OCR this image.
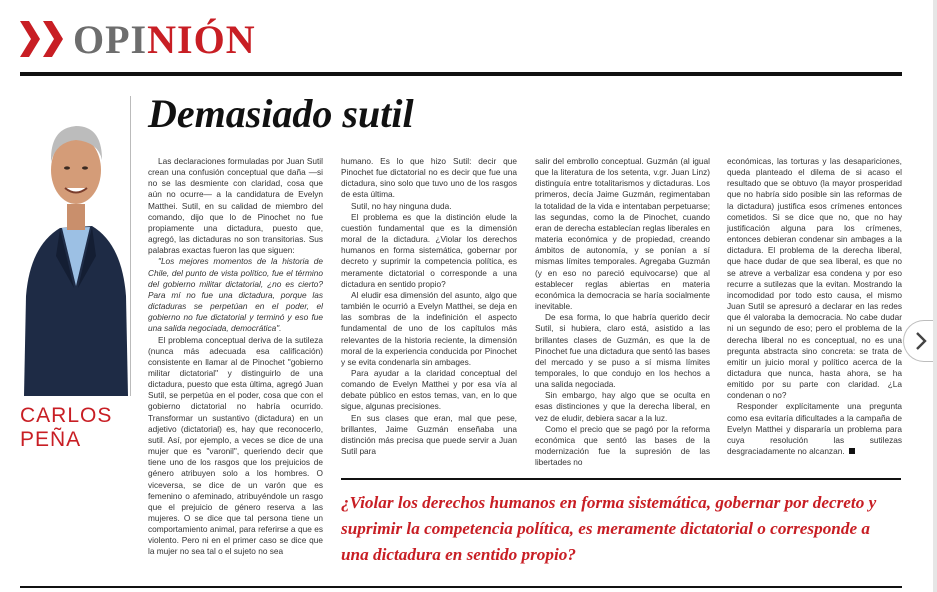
OPINIÓN
CARLOS
PEÑA
Demasiado sutil

Las declaraciones formuladas por Juan Sutil crean una confusión conceptual que daña —si no se las desmiente con claridad, cosa que aún no ocurre— a la candidatura de Evelyn Matthei. Sutil, en su calidad de miembro del comando, dijo que lo de Pinochet no fue propiamente una dictadura, puesto que, agregó, las dictaduras no son transitorias. Sus palabras exactas fueron las que siguen:

"Los mejores momentos de la historia de Chile, del punto de vista político, fue el término del gobierno militar dictatorial, ¿no es cierto? Para mí no fue una dictadura, porque las dictaduras se perpetúan en el poder, el gobierno no fue dictatorial y terminó y eso fue una salida negociada, democrática".

El problema conceptual deriva de la sutileza (nunca más adecuada esa calificación) consistente en llamar al de Pinochet "gobierno militar dictatorial" y distinguirlo de una dictadura, puesto que esta última, agregó Juan Sutil, se perpetúa en el poder, cosa que con el gobierno dictatorial no habría ocurrido. Transformar un sustantivo (dictadura) en un adjetivo (dictatorial) es, hay que reconocerlo, sutil. Así, por ejemplo, a veces se dice de una mujer que es "varonil", queriendo decir que tiene uno de los rasgos que los prejuicios de género atribuyen solo a los hombres. O viceversa, se dice de un varón que es femenino o afeminado, atribuyéndole un rasgo que el prejuicio de género reserva a las mujeres. O se dice que tal persona tiene un comportamiento animal, para referirse a que es violento. Pero ni en el primer caso se dice que la mujer no sea tal o el sujeto no sea

humano. Es lo que hizo Sutil: decir que Pinochet fue dictatorial no es decir que fue una dictadura, sino solo que tuvo uno de los rasgos de esta última.

Sutil, no hay ninguna duda.

El problema es que la distinción elude la cuestión fundamental que es la dimensión moral de la dictadura. ¿Violar los derechos humanos en forma sistemática, gobernar por decreto y suprimir la competencia política, es meramente dictatorial o corresponde a una dictadura en sentido propio?

Al eludir esa dimensión del asunto, algo que también le ocurrió a Evelyn Matthei, se deja en las sombras de la indefinición el aspecto fundamental de uno de los capítulos más relevantes de la historia reciente, la dimensión moral de la experiencia conducida por Pinochet y se evita condenarla sin ambages.

Para ayudar a la claridad conceptual del comando de Evelyn Matthei y por esa vía al debate público en estos temas, van, en lo que sigue, algunas precisiones.

En sus clases que eran, mal que pese, brillantes, Jaime Guzmán enseñaba una distinción más precisa que puede servir a Juan Sutil para

salir del embrollo conceptual. Guzmán (al igual que la literatura de los setenta, v.gr. Juan Linz) distinguía entre totalitarismos y dictaduras. Los primeros, decía Jaime Guzmán, regimentaban la totalidad de la vida e intentaban perpetuarse; las segundas, como la de Pinochet, cuando eran de derecha establecían reglas liberales en materia económica y de propiedad, creando ámbitos de autonomía, y se ponían a sí mismas límites temporales. Agregaba Guzmán (y en eso no pareció equivocarse) que al establecer reglas abiertas en materia económica la democracia se haría socialmente inevitable.

De esa forma, lo que habría querido decir Sutil, si hubiera, claro está, asistido a las brillantes clases de Guzmán, es que la de Pinochet fue una dictadura que sentó las bases del mercado y se puso a sí misma límites temporales, lo que condujo en los hechos a una salida negociada.

Sin embargo, hay algo que se oculta en esas distinciones y que la derecha liberal, en vez de eludir, debiera sacar a la luz.

Como el precio que se pagó por la reforma económica que sentó las bases de la modernización fue la supresión de las libertades no

económicas, las torturas y las desapariciones, queda planteado el dilema de si acaso el resultado que se obtuvo (la mayor prosperidad que no habría sido posible sin las reformas de la dictadura) justifica esos crímenes entonces cometidos. Si se dice que no, que no hay justificación alguna para los crímenes, entonces debieran condenar sin ambages a la dictadura. El problema de la derecha liberal, que hace dudar de que sea liberal, es que no se atreve a verbalizar esa condena y por eso recurre a sutilezas que la evitan. Mostrando la incomodidad por todo esto causa, el mismo Juan Sutil se apresuró a declarar en las redes que él valoraba la democracia. No cabe dudar ni un segundo de eso; pero el problema de la derecha liberal no es conceptual, no es una pregunta abstracta sino concreta: se trata de emitir un juicio moral y político acerca de la dictadura que nunca, hasta ahora, se ha emitido por su parte con claridad. ¿La condenan o no?

Responder explícitamente una pregunta como esa evitaría dificultades a la campaña de Evelyn Matthei y dispararía un problema para cuya resolución las sutilezas desgraciadamente no alcanzan.

¿Violar los derechos humanos en forma sistemática, gobernar por decreto y suprimir la competencia política, es meramente dictatorial o corresponde a una dictadura en sentido propio?
